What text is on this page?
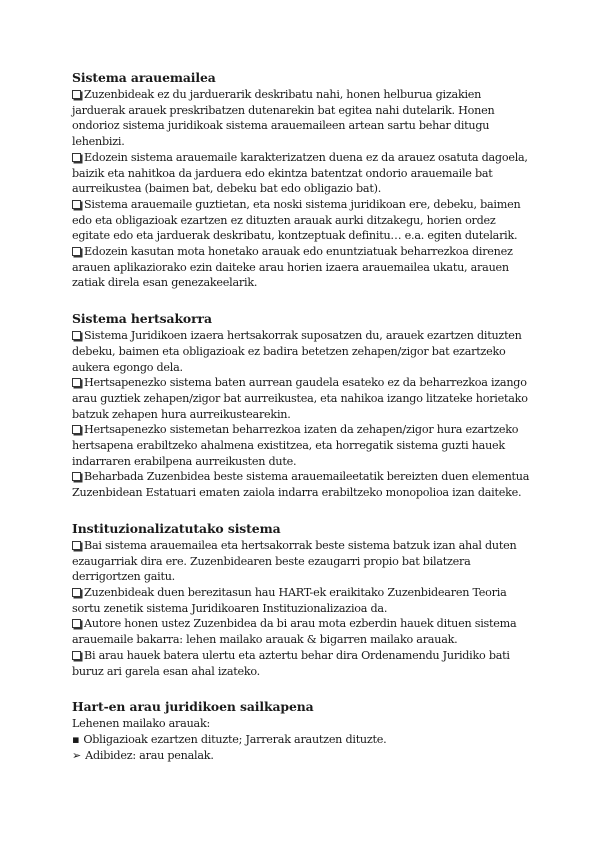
Sistema arauemailea

Zuzenbideak ez du jarduerarik deskribatu nahi, honen helburua gizakien jarduerak arauek preskribatzen dutenarekin bat egitea nahi dutelarik. Honen ondorioz sistema juridikoak sistema arauemaileen artean sartu behar ditugu lehenbizi.

Edozein sistema arauemaile karakterizatzen duena ez da arauez osatuta dagoela, baizik eta nahitkoa da jarduera edo ekintza batentzat ondorio arauemaile bat aurreikustea (baimen bat, debeku bat edo obligazio bat).

Sistema arauemaile guztietan, eta noski sistema juridikoan ere, debeku, baimen edo eta obligazioak ezartzen ez dituzten arauak aurki ditzakegu, horien ordez egitate edo eta jarduerak deskribatu, kontzeptuak definitu… e.a. egiten dutelarik.

Edozein kasutan mota honetako arauak edo enuntziatuak beharrezkoa direnez arauen aplikaziorako ezin daiteke arau horien izaera arauemailea ukatu, arauen zatiak direla esan genezakeelarik.

Sistema hertsakorra

Sistema Juridikoen izaera hertsakorrak suposatzen du, arauek ezartzen dituzten debeku, baimen eta obligazioak ez badira betetzen zehapen/zigor bat ezartzeko aukera egongo dela.

Hertsapenezko sistema baten aurrean gaudela esateko ez da beharrezkoa izango arau guztiek zehapen/zigor bat aurreikustea, eta nahikoa izango litzateke horietako batzuk zehapen hura aurreikustearekin.

Hertsapenezko sistemetan beharrezkoa izaten da zehapen/zigor hura ezartzeko hertsapena erabiltzeko ahalmena existitzea, eta horregatik sistema guzti hauek indarraren erabilpena aurreikusten dute.

Beharbada Zuzenbidea beste sistema arauemaileetatik bereizten duen elementua Zuzenbidean Estatuari ematen zaiola indarra erabiltzeko monopolioa izan daiteke.

Instituzionalizatutako sistema

Bai sistema arauemailea eta hertsakorrak beste sistema batzuk izan ahal duten ezaugarriak dira ere. Zuzenbidearen beste ezaugarri propio bat bilatzera derrigortzen gaitu.

Zuzenbideak duen berezitasun hau HART-ek eraikitako Zuzenbidearen Teoria sortu zenetik sistema Juridikoaren Instituzionalizazioa da.

Autore honen ustez Zuzenbidea da bi arau mota ezberdin hauek dituen sistema arauemaile bakarra: lehen mailako arauak & bigarren mailako arauak.

Bi arau hauek batera ulertu eta aztertu behar dira Ordenamendu Juridiko bati buruz ari garela esan ahal izateko.

Hart-en arau juridikoen sailkapena

Lehenen mailako arauak:

▪ Obligazioak ezartzen dituzte; Jarrerak arautzen dituzte.

➢ Adibidez: arau penalak.
